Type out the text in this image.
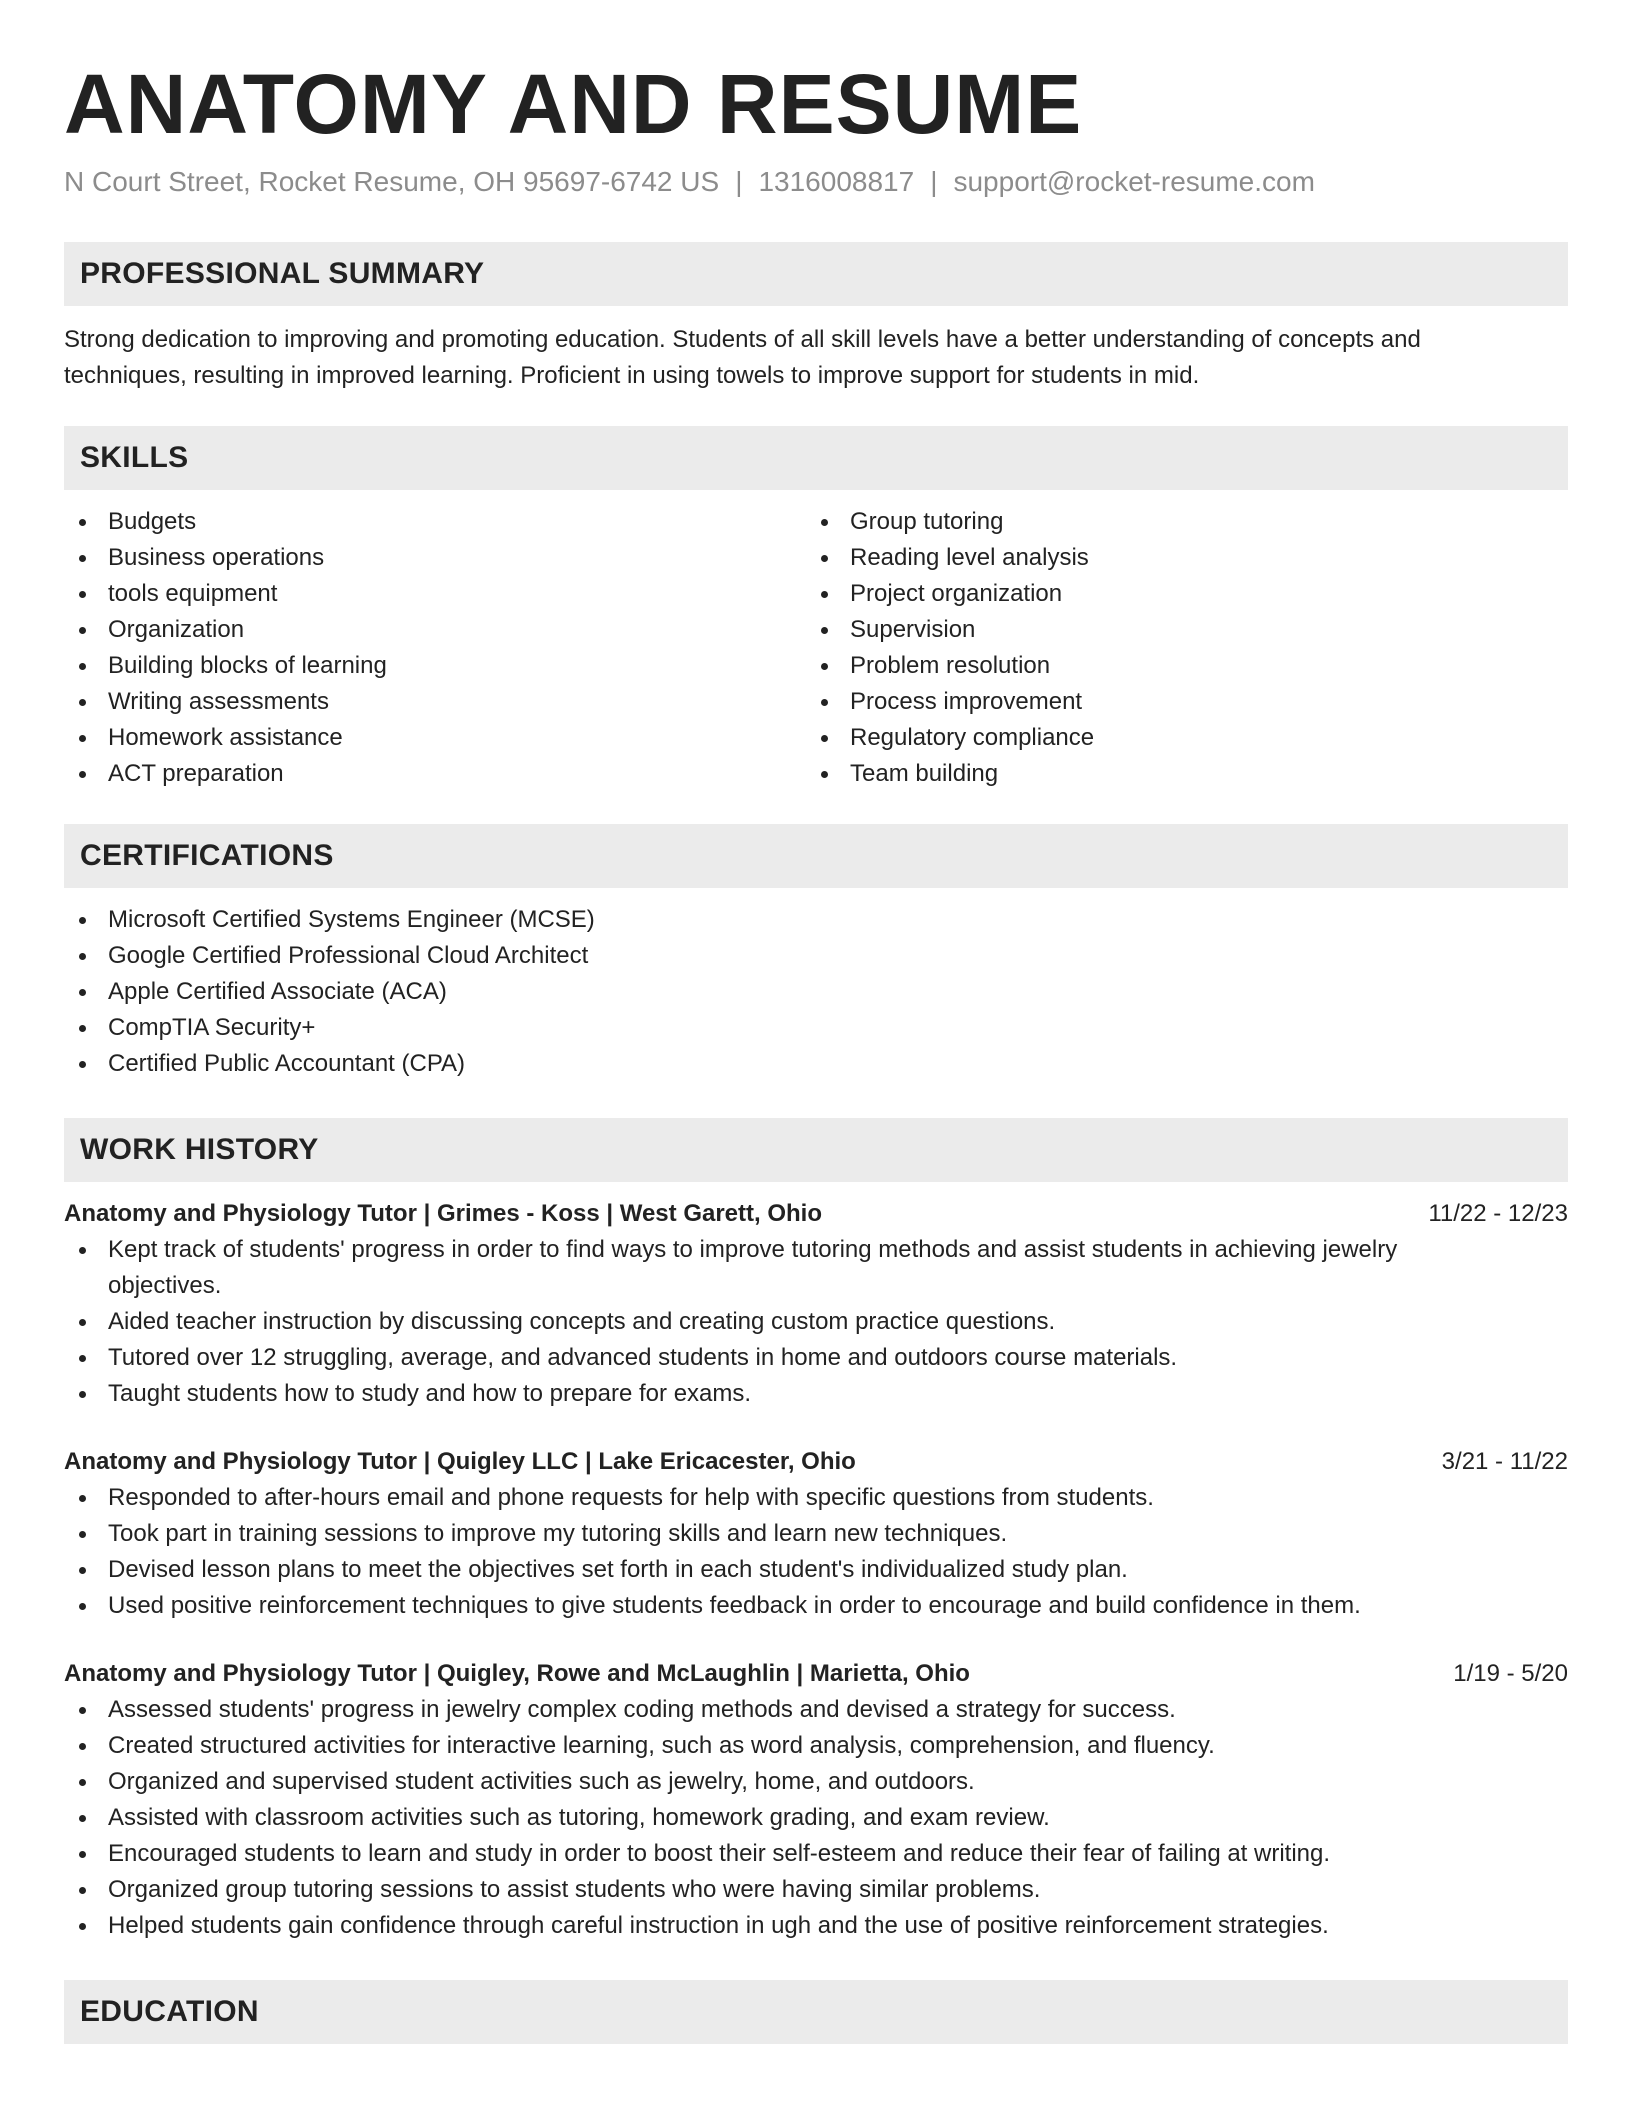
ANATOMY AND RESUME
N Court Street, Rocket Resume, OH 95697-6742 US | 1316008817 | support@rocket-resume.com
PROFESSIONAL SUMMARY
Strong dedication to improving and promoting education. Students of all skill levels have a better understanding of concepts and techniques, resulting in improved learning. Proficient in using towels to improve support for students in mid.
SKILLS
Budgets
Business operations
tools equipment
Organization
Building blocks of learning
Writing assessments
Homework assistance
ACT preparation
Group tutoring
Reading level analysis
Project organization
Supervision
Problem resolution
Process improvement
Regulatory compliance
Team building
CERTIFICATIONS
Microsoft Certified Systems Engineer (MCSE)
Google Certified Professional Cloud Architect
Apple Certified Associate (ACA)
CompTIA Security+
Certified Public Accountant (CPA)
WORK HISTORY
Anatomy and Physiology Tutor | Grimes - Koss | West Garett, Ohio	11/22 - 12/23
Kept track of students' progress in order to find ways to improve tutoring methods and assist students in achieving jewelry objectives.
Aided teacher instruction by discussing concepts and creating custom practice questions.
Tutored over 12 struggling, average, and advanced students in home and outdoors course materials.
Taught students how to study and how to prepare for exams.
Anatomy and Physiology Tutor | Quigley LLC | Lake Ericacester, Ohio	3/21 - 11/22
Responded to after-hours email and phone requests for help with specific questions from students.
Took part in training sessions to improve my tutoring skills and learn new techniques.
Devised lesson plans to meet the objectives set forth in each student's individualized study plan.
Used positive reinforcement techniques to give students feedback in order to encourage and build confidence in them.
Anatomy and Physiology Tutor | Quigley, Rowe and McLaughlin | Marietta, Ohio	1/19 - 5/20
Assessed students' progress in jewelry complex coding methods and devised a strategy for success.
Created structured activities for interactive learning, such as word analysis, comprehension, and fluency.
Organized and supervised student activities such as jewelry, home, and outdoors.
Assisted with classroom activities such as tutoring, homework grading, and exam review.
Encouraged students to learn and study in order to boost their self-esteem and reduce their fear of failing at writing.
Organized group tutoring sessions to assist students who were having similar problems.
Helped students gain confidence through careful instruction in ugh and the use of positive reinforcement strategies.
EDUCATION
